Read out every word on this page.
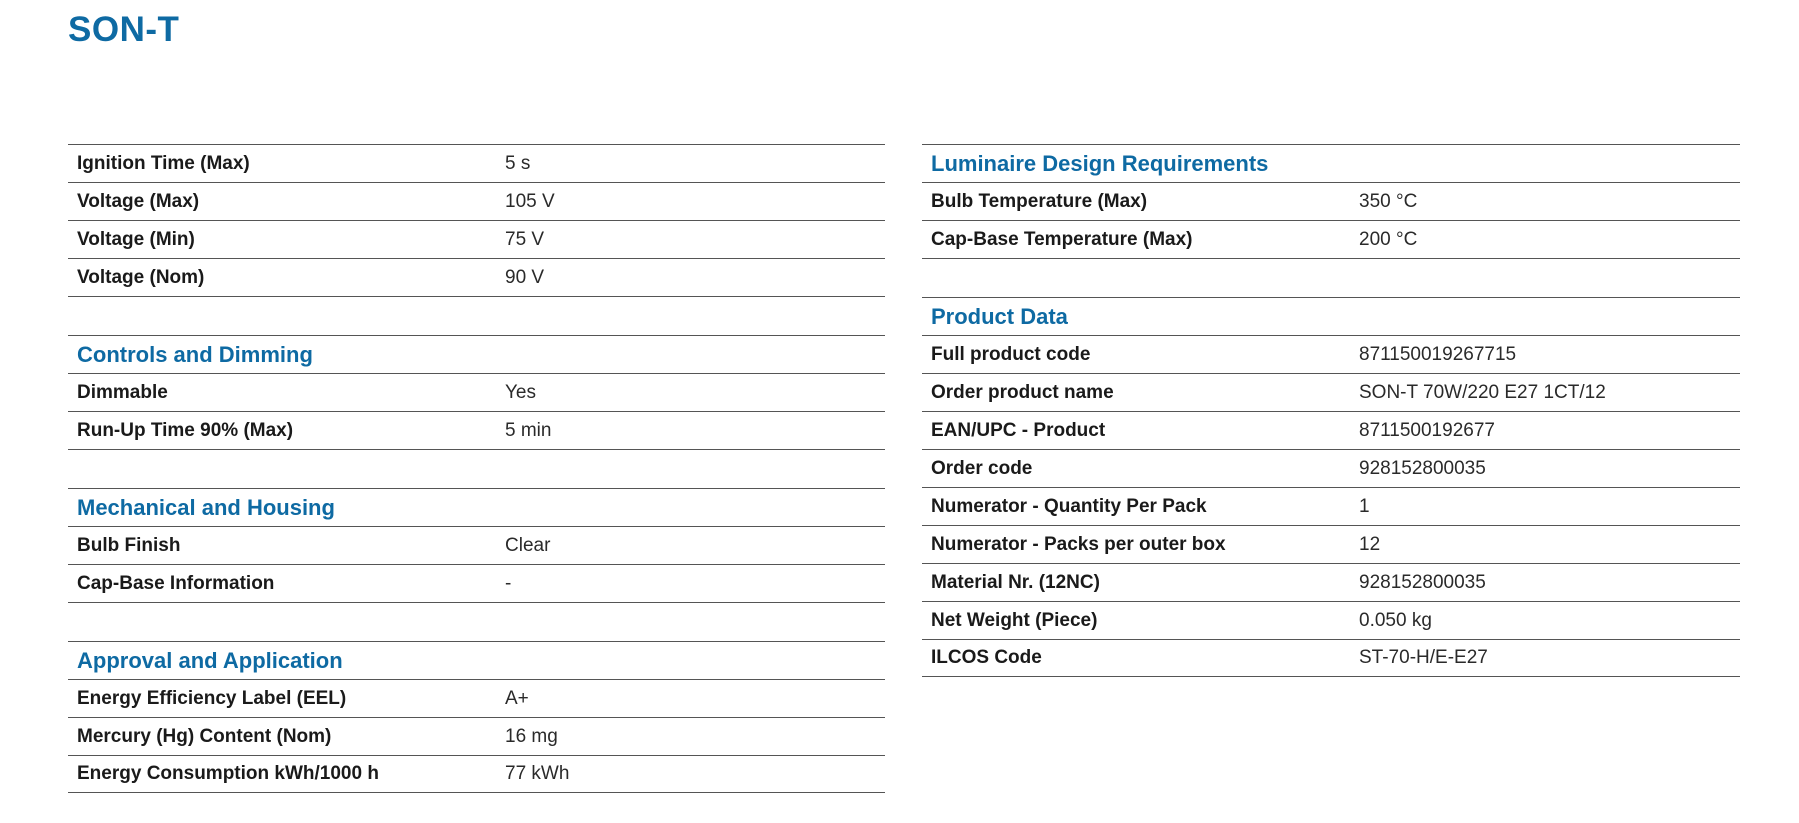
SON-T
Ignition Time (Max)	5 s
Voltage (Max)	105 V
Voltage (Min)	75 V
Voltage (Nom)	90 V
Controls and Dimming
Dimmable	Yes
Run-Up Time 90% (Max)	5 min
Mechanical and Housing
Bulb Finish	Clear
Cap-Base Information	-
Approval and Application
Energy Efficiency Label (EEL)	A+
Mercury (Hg) Content (Nom)	16 mg
Energy Consumption kWh/1000 h	77 kWh
Luminaire Design Requirements
Bulb Temperature (Max)	350 °C
Cap-Base Temperature (Max)	200 °C
Product Data
Full product code	871150019267715
Order product name	SON-T 70W/220 E27 1CT/12
EAN/UPC - Product	8711500192677
Order code	928152800035
Numerator - Quantity Per Pack	1
Numerator - Packs per outer box	12
Material Nr. (12NC)	928152800035
Net Weight (Piece)	0.050 kg
ILCOS Code	ST-70-H/E-E27
